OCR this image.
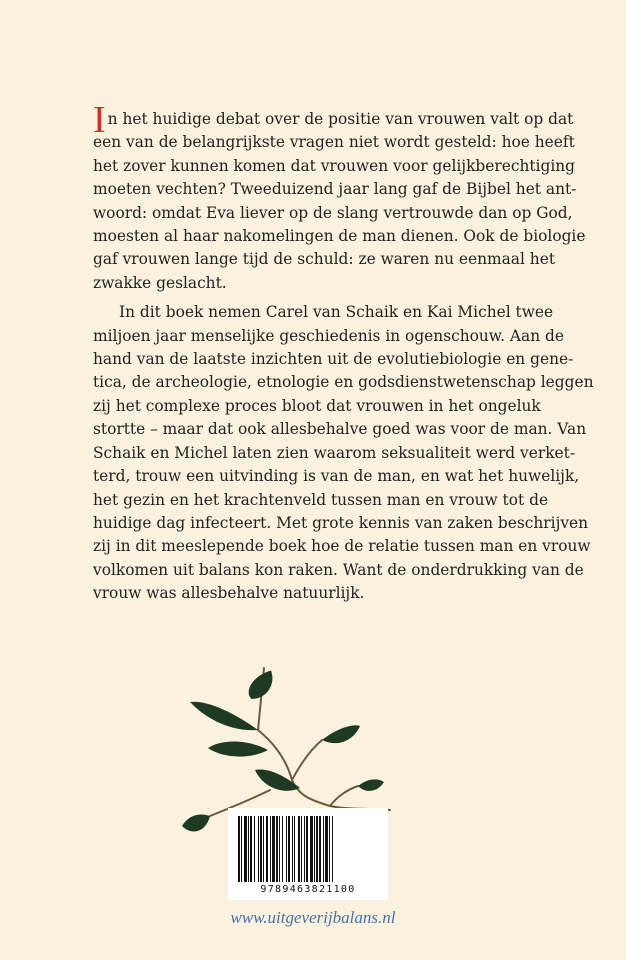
I n het huidige debat over de positie van vrouwen valt op dat
een van de belangrijkste vragen niet wordt gesteld: hoe heeft
het zover kunnen komen dat vrouwen voor gelijkberechtiging
moeten vechten? Tweeduizend jaar lang gaf de Bijbel het ant-
woord: omdat Eva liever op de slang vertrouwde dan op God,
moesten al haar nakomelingen de man dienen. Ook de biologie
gaf vrouwen lange tijd de schuld: ze waren nu eenmaal het
zwakke geslacht.
In dit boek nemen Carel van Schaik en Kai Michel twee
miljoen jaar menselijke geschiedenis in ogenschouw. Aan de
hand van de laatste inzichten uit de evolutiebiologie en gene-
tica, de archeologie, etnologie en godsdienstwetenschap leggen
zij het complexe proces bloot dat vrouwen in het ongeluk
stortte – maar dat ook allesbehalve goed was voor de man. Van
Schaik en Michel laten zien waarom seksualiteit werd verket-
terd, trouw een uitvinding is van de man, en wat het huwelijk,
het gezin en het krachtenveld tussen man en vrouw tot de
huidige dag infecteert. Met grote kennis van zaken beschrijven
zij in dit meeslepende boek hoe de relatie tussen man en vrouw
volkomen uit balans kon raken. Want de onderdrukking van de
vrouw was allesbehalve natuurlijk.
9789463821100
www.uitgeverijbalans.nl
